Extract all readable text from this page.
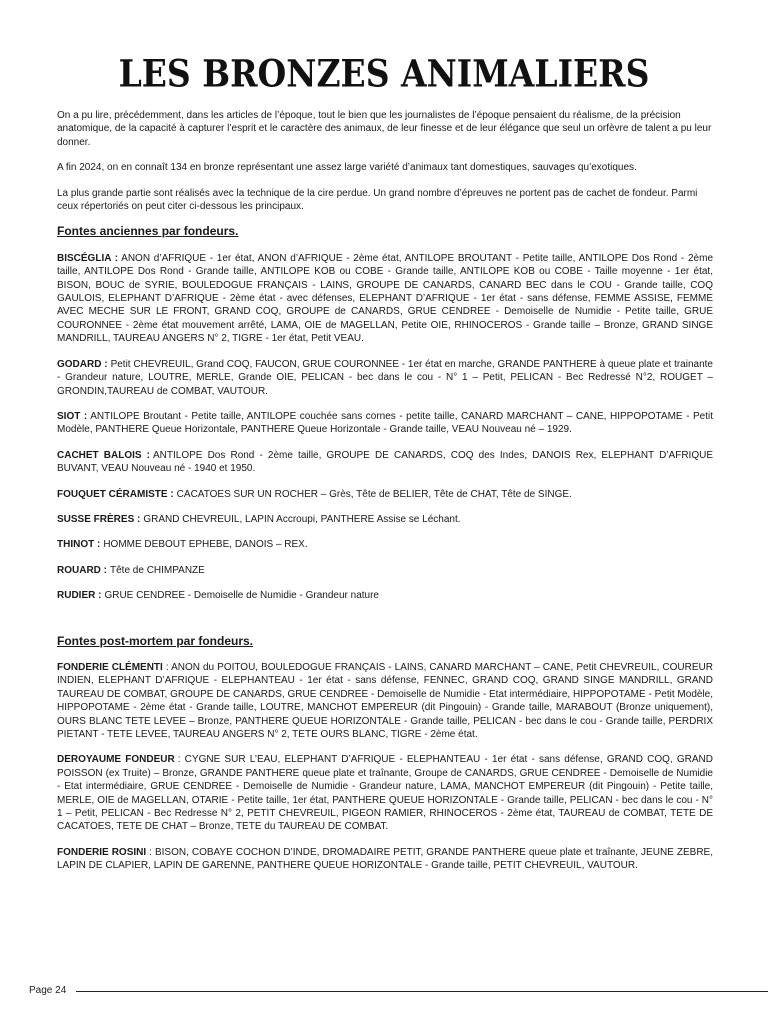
LES BRONZES ANIMALIERS

On a pu lire, précédemment, dans les articles de l’époque, tout le bien que les journalistes de l’époque pensaient du réalisme, de la précision anatomique, de la capacité à capturer l’esprit et le caractère des animaux, de leur finesse et de leur élégance que seul un orfèvre de talent a pu leur donner.

A fin 2024, on en connaît 134 en bronze représentant une assez large variété d’animaux tant domestiques, sauvages qu’exotiques.

La plus grande partie sont réalisés avec la technique de la cire perdue. Un grand nombre d’épreuves ne portent pas de cachet de fondeur. Parmi ceux répertoriés on peut citer ci-dessous les principaux.

Fontes anciennes par fondeurs.

BISCÉGLIA : ANON d’AFRIQUE - 1er état, ANON d’AFRIQUE - 2ème état, ANTILOPE BROUTANT - Petite taille, ANTILOPE Dos Rond - 2ème taille, ANTILOPE Dos Rond - Grande taille, ANTILOPE KOB ou COBE - Grande taille, ANTILOPE KOB ou COBE - Taille moyenne - 1er état, BISON, BOUC de SYRIE, BOULEDOGUE FRANÇAIS - LAINS, GROUPE DE CANARDS, CANARD BEC dans le COU - Grande taille, COQ GAULOIS, ELEPHANT D’AFRIQUE - 2ème état - avec défenses, ELEPHANT D’AFRIQUE - 1er état - sans défense, FEMME ASSISE, FEMME AVEC MECHE SUR LE FRONT, GRAND COQ, GROUPE de CANARDS, GRUE CENDREE - Demoiselle de Numidie - Petite taille, GRUE COURONNEE - 2ème état mouvement arrêté, LAMA, OIE de MAGELLAN, Petite OIE, RHINOCEROS - Grande taille – Bronze, GRAND SINGE MANDRILL, TAUREAU ANGERS N° 2, TIGRE - 1er état, Petit VEAU.

GODARD : Petit CHEVREUIL, Grand COQ, FAUCON, GRUE COURONNEE - 1er état en marche, GRANDE PANTHERE à queue plate et trainante - Grandeur nature, LOUTRE, MERLE, Grande OIE, PELICAN - bec dans le cou - N° 1 – Petit, PELICAN - Bec Redressé N°2, ROUGET – GRONDIN,TAUREAU de COMBAT, VAUTOUR.

SIOT : ANTILOPE Broutant - Petite taille, ANTILOPE couchée sans cornes - petite taille, CANARD MARCHANT – CANE, HIPPOPOTAME - Petit Modèle, PANTHERE Queue Horizontale, PANTHERE Queue Horizontale - Grande taille, VEAU Nouveau né – 1929.

CACHET BALOIS : ANTILOPE Dos Rond - 2ème taille, GROUPE DE CANARDS, COQ des Indes, DANOIS Rex, ELEPHANT D’AFRIQUE BUVANT, VEAU Nouveau né - 1940 et 1950.

FOUQUET CÉRAMISTE : CACATOES SUR UN ROCHER – Grès, Tête de BELIER, Tête de CHAT, Tête de SINGE.

SUSSE FRÈRES : GRAND CHEVREUIL, LAPIN Accroupi, PANTHERE Assise se Léchant.

THINOT : HOMME DEBOUT EPHEBE, DANOIS – REX.

ROUARD : Tête de CHIMPANZE

RUDIER : GRUE CENDREE - Demoiselle de Numidie - Grandeur nature

Fontes post-mortem par fondeurs.

FONDERIE CLÉMENTI : ANON du POITOU, BOULEDOGUE FRANÇAIS - LAINS, CANARD MARCHANT – CANE, Petit CHEVREUIL, COUREUR INDIEN, ELEPHANT D’AFRIQUE - ELEPHANTEAU - 1er état - sans défense, FENNEC, GRAND COQ, GRAND SINGE MANDRILL, GRAND TAUREAU DE COMBAT, GROUPE DE CANARDS, GRUE CENDREE - Demoiselle de Numidie - Etat intermédiaire, HIPPOPOTAME - Petit Modèle, HIPPOPOTAME - 2ème état - Grande taille, LOUTRE, MANCHOT EMPEREUR (dit Pingouin) - Grande taille, MARABOUT (Bronze uniquement), OURS BLANC TETE LEVEE – Bronze, PANTHERE QUEUE HORIZONTALE - Grande taille, PELICAN - bec dans le cou - Grande taille, PERDRIX PIETANT - TETE LEVEE, TAUREAU ANGERS N° 2, TETE OURS BLANC, TIGRE - 2ème état.

DEROYAUME FONDEUR : CYGNE SUR L’EAU, ELEPHANT D’AFRIQUE - ELEPHANTEAU - 1er état - sans défense, GRAND COQ, GRAND POISSON (ex Truite) – Bronze, GRANDE PANTHERE queue plate et traînante, Groupe de CANARDS, GRUE CENDREE - Demoiselle de Numidie - Etat intermédiaire, GRUE CENDREE - Demoiselle de Numidie - Grandeur nature, LAMA, MANCHOT EMPEREUR (dit Pingouin) - Petite taille, MERLE, OIE de MAGELLAN, OTARIE - Petite taille, 1er état, PANTHERE QUEUE HORIZONTALE - Grande taille, PELICAN - bec dans le cou - N° 1 – Petit, PELICAN - Bec Redresse N° 2, PETIT CHEVREUIL, PIGEON RAMIER, RHINOCEROS - 2ème état, TAUREAU de COMBAT, TETE DE CACATOES, TETE DE CHAT – Bronze, TETE du TAUREAU DE COMBAT.

FONDERIE ROSINI : BISON, COBAYE COCHON D’INDE, DROMADAIRE PETIT, GRANDE PANTHERE queue plate et traînante, JEUNE ZEBRE, LAPIN DE CLAPIER, LAPIN DE GARENNE, PANTHERE QUEUE HORIZONTALE - Grande taille, PETIT CHEVREUIL, VAUTOUR.

Page 24
